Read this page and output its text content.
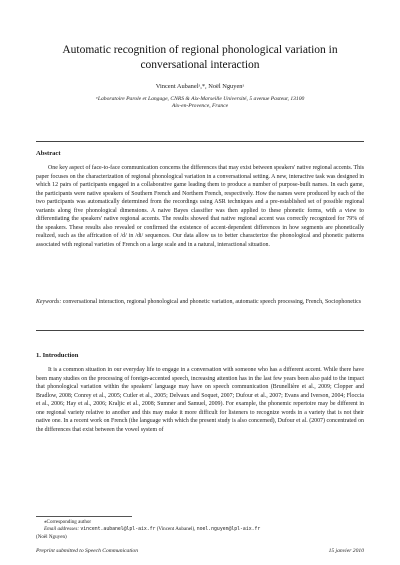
Automatic recognition of regional phonological variation in
conversational interaction
Vincent Aubanelᵃ,*, Noël Nguyenᵃ
ᵃLaboratoire Parole et Langage, CNRS & Aix-Marseille Université, 5 avenue Pasteur, 13100
Aix-en-Provence, France
Abstract

One key aspect of face-to-face communication concerns the differences that may exist between speakers' native regional accents. This paper focuses on the characterization of regional phonological variation in a conversational setting. A new, interactive task was designed in which 12 pairs of participants engaged in a collaborative game leading them to produce a number of purpose-built names. In each game, the participants were native speakers of Southern French and Northern French, respectively. How the names were produced by each of the two participants was automatically determined from the recordings using ASR techniques and a pre-established set of possible regional variants along five phonological dimensions. A naive Bayes classifier was then applied to these phonetic forms, with a view to differentiating the speakers' native regional accents. The results showed that native regional accent was correctly recognized for 79% of the speakers. These results also revealed or confirmed the existence of accent-dependent differences in how segments are phonetically realized, such as the affrication of /d/ in /di/ sequences. Our data allow us to better characterize the phonological and phonetic patterns associated with regional varieties of French on a large scale and in a natural, interactional situation.

Keywords: conversational interaction, regional phonological and phonetic variation, automatic speech processing, French, Sociophonetics

1. Introduction

It is a common situation in our everyday life to engage in a conversation with someone who has a different accent. While there have been many studies on the processing of foreign-accented speech, increasing attention has in the last few years been also paid to the impact that phonological variation within the speakers' language may have on speech communication (Brunellière et al., 2009; Clopper and Bradlow, 2008; Conrey et al., 2005; Cutler et al., 2005; Delvaux and Soquet, 2007; Dufour et al., 2007; Evans and Iverson, 2004; Floccia et al., 2006; Hay et al., 2006; Kraljic et al., 2008; Sumner and Samuel, 2009). For example, the phonemic repertoire may be different in one regional variety relative to another and this may make it more difficult for listeners to recognize words in a variety that is not their native one. In a recent work on French (the language with which the present study is also concerned), Dufour et al. (2007) concentrated on the differences that exist between the vowel system of

⁎Corresponding author
Email addresses: vincent.aubanel@lpl-aix.fr (Vincent Aubanel), noel.nguyen@lpl-aix.fr
(Noël Nguyen)
Preprint submitted to Speech Communication	15 janvier 2010
